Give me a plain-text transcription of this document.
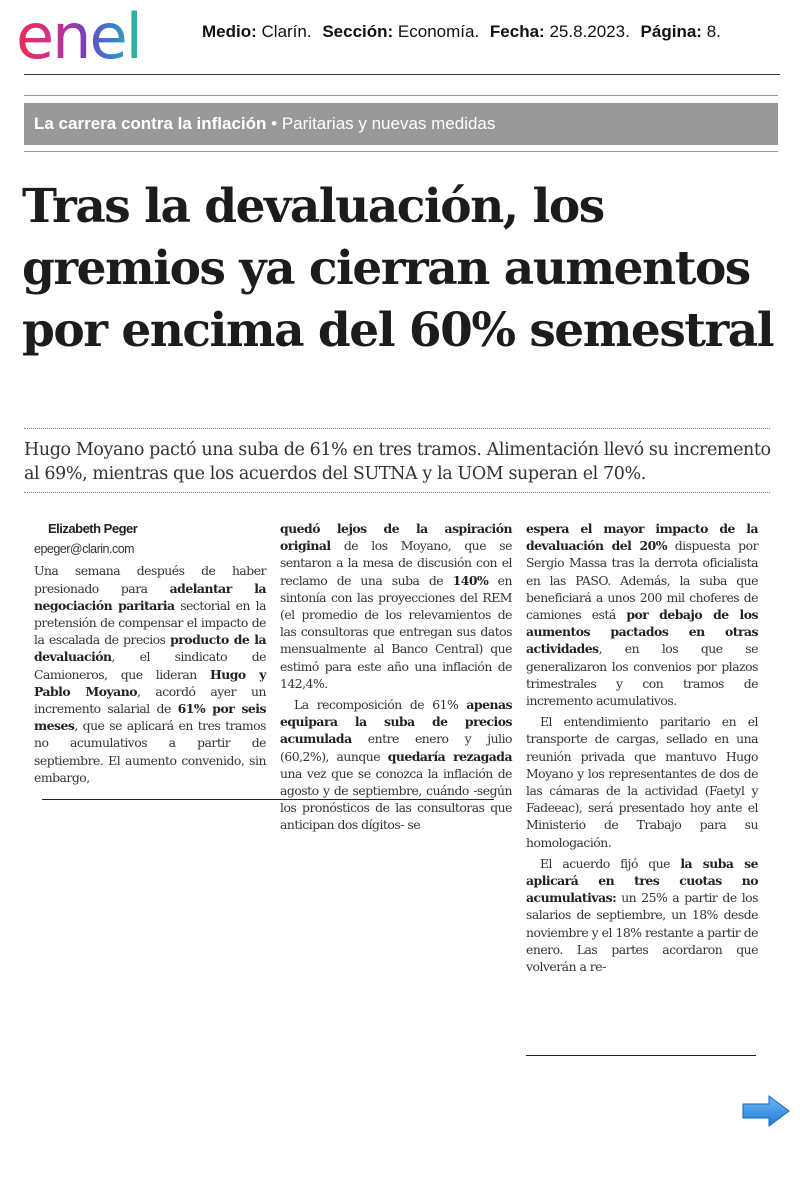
enel	Medio: Clarín. Sección: Economía. Fecha: 25.8.2023. Página: 8.
La carrera contra la inflación • Paritarias y nuevas medidas
Tras la devaluación, los gremios ya cierran aumentos por encima del 60% semestral

Hugo Moyano pactó una suba de 61% en tres tramos. Alimentación llevó su incremento al 69%, mientras que los acuerdos del SUTNA y la UOM superan el 70%.

Elizabeth Peger

epeger@clarin.com

Una semana después de haber presionado para adelantar la negociación paritaria sectorial en la pretensión de compensar el impacto de la escalada de precios producto de la devaluación, el sindicato de Camioneros, que lideran Hugo y Pablo Moyano, acordó ayer un incremento salarial de 61% por seis meses, que se aplicará en tres tramos no acumulativos a partir de septiembre. El aumento convenido, sin embargo,

quedó lejos de la aspiración original de los Moyano, que se sentaron a la mesa de discusión con el reclamo de una suba de 140% en sintonía con las proyecciones del REM (el promedio de los relevamientos de las consultoras que entregan sus datos mensualmente al Banco Central) que estimó para este año una inflación de 142,4%.

La recomposición de 61% apenas equipara la suba de precios acumulada entre enero y julio (60,2%), aunque quedaría rezagada una vez que se conozca la inflación de agosto y de septiembre, cuándo -según los pronósticos de las consultoras que anticipan dos dígitos- se

espera el mayor impacto de la devaluación del 20% dispuesta por Sergio Massa tras la derrota oficialista en las PASO. Además, la suba que beneficiará a unos 200 mil choferes de camiones está por debajo de los aumentos pactados en otras actividades, en los que se generalizaron los convenios por plazos trimestrales y con tramos de incremento acumulativos.

El entendimiento paritario en el transporte de cargas, sellado en una reunión privada que mantuvo Hugo Moyano y los representantes de dos de las cámaras de la actividad (Faetyl y Fadeeac), será presentado hoy ante el Ministerio de Trabajo para su homologación.

El acuerdo fijó que la suba se aplicará en tres cuotas no acumulativas: un 25% a partir de los salarios de septiembre, un 18% desde noviembre y el 18% restante a partir de enero. Las partes acordaron que volverán a re-
